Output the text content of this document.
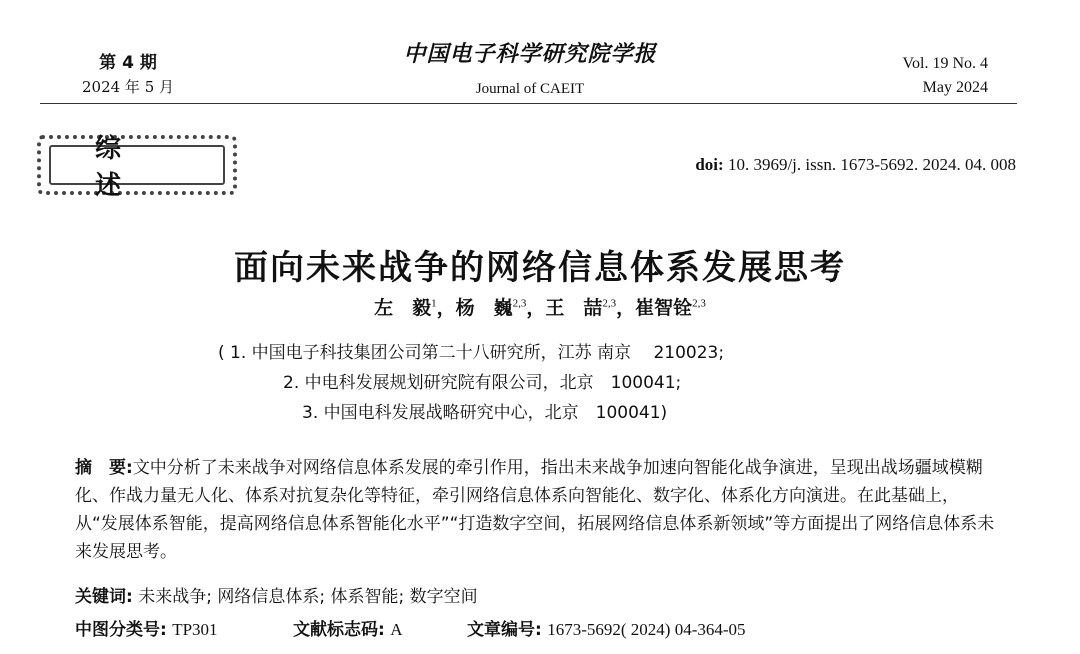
第 4 期
2024 年 5 月
中国电子科学研究院学报
Journal of CAEIT
Vol. 19 No. 4
May 2024
综述
doi: 10. 3969/j. issn. 1673-5692. 2024. 04. 008
面向未来战争的网络信息体系发展思考
左　毅$^1$，杨　巍$^{2,3}$，王　喆$^{2,3}$，崔智铨$^{2,3}$
( 1. 中国电子科技集团公司第二十八研究所，江苏 南京　 210023;
2. 中电科发展规划研究院有限公司，北京　100041;
3. 中国电科发展战略研究中心，北京　100041)
摘　要:文中分析了未来战争对网络信息体系发展的牵引作用，指出未来战争加速向智能化战争演进，呈现出战场疆域模糊化、作战力量无人化、体系对抗复杂化等特征，牵引网络信息体系向智能化、数字化、体系化方向演进。在此基础上，从“发展体系智能，提高网络信息体系智能化水平”“打造数字空间，拓展网络信息体系新领域”等方面提出了网络信息体系未来发展思考。
关键词: 未来战争; 网络信息体系; 体系智能; 数字空间
中图分类号: TP301	文献标志码: A	文章编号: 1673-5692( 2024) 04-364-05
